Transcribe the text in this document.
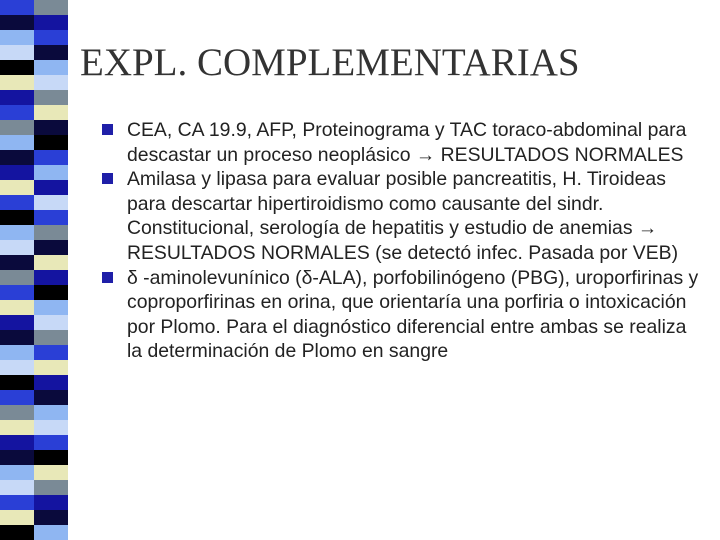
EXPL. COMPLEMENTARIAS
CEA, CA 19.9, AFP, Proteinograma y TAC toraco-abdominal para descastar un proceso neoplásico → RESULTADOS NORMALES
Amilasa y lipasa para evaluar posible pancreatitis, H. Tiroideas para descartar hipertiroidismo como causante del sindr. Constitucional, serología de hepatitis y estudio de anemias → RESULTADOS NORMALES (se detectó infec. Pasada por VEB)
δ -aminolevunínico (δ-ALA), porfobilinógeno (PBG), uroporfirinas y coproporfirinas en orina, que orientaría una porfiria o intoxicación por Plomo. Para el diagnóstico diferencial entre ambas se realiza la determinación de Plomo en sangre
